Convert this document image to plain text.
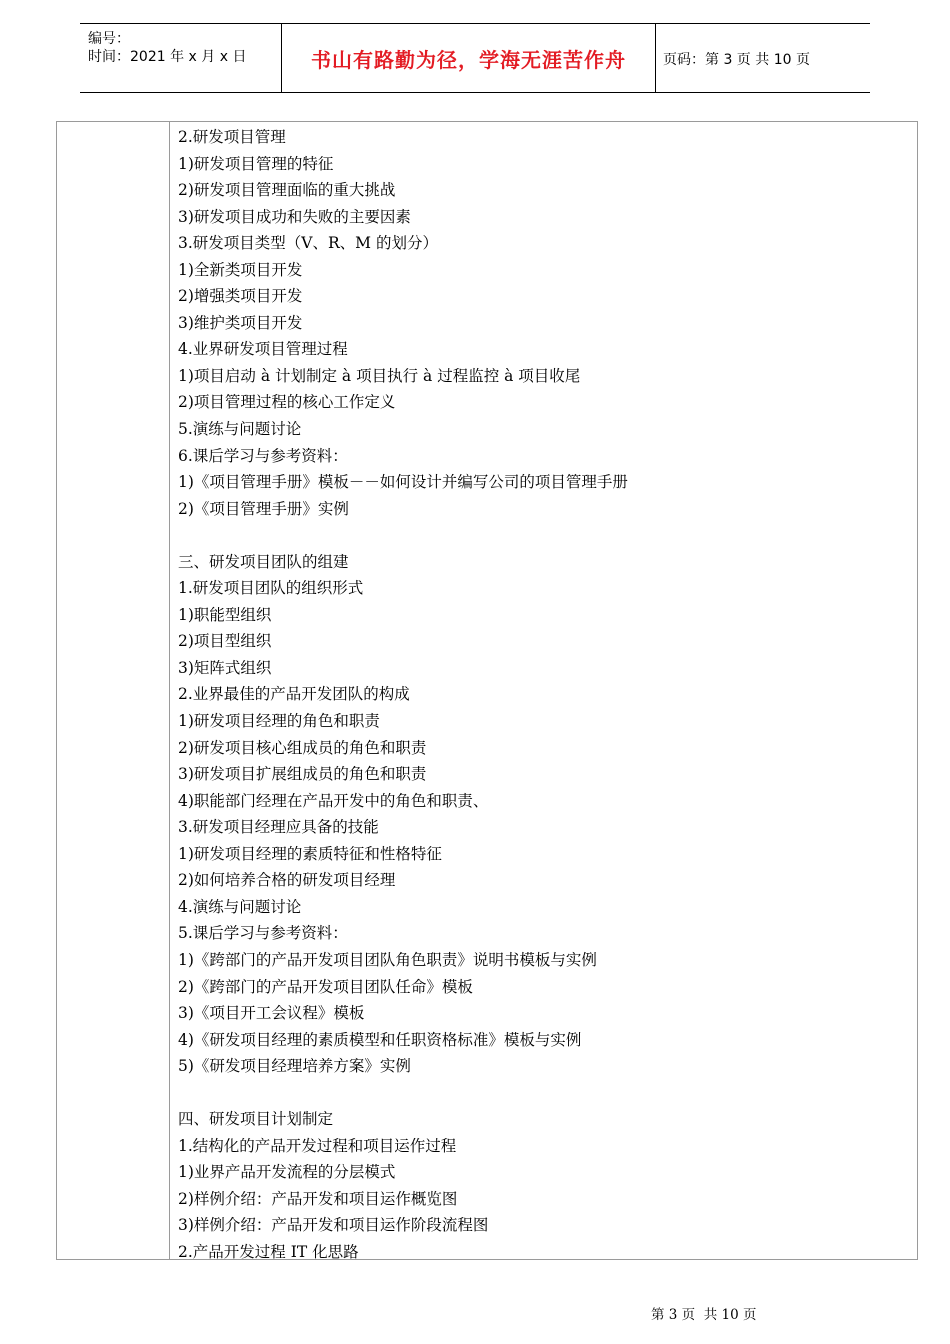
编号：
时间：2021 年 x 月 x 日	书山有路勤为径，学海无涯苦作舟	页码：第 3 页 共 10 页
2.研发项目管理
1)研发项目管理的特征
2)研发项目管理面临的重大挑战
3)研发项目成功和失败的主要因素
3.研发项目类型（V、R、M 的划分）
1)全新类项目开发
2)增强类项目开发
3)维护类项目开发
4.业界研发项目管理过程
1)项目启动 à 计划制定 à 项目执行 à 过程监控 à 项目收尾
2)项目管理过程的核心工作定义
5.演练与问题讨论
6.课后学习与参考资料：
1)《项目管理手册》模板－－如何设计并编写公司的项目管理手册
2)《项目管理手册》实例
三、研发项目团队的组建
1.研发项目团队的组织形式
1)职能型组织
2)项目型组织
3)矩阵式组织
2.业界最佳的产品开发团队的构成
1)研发项目经理的角色和职责
2)研发项目核心组成员的角色和职责
3)研发项目扩展组成员的角色和职责
4)职能部门经理在产品开发中的角色和职责、
3.研发项目经理应具备的技能
1)研发项目经理的素质特征和性格特征
2)如何培养合格的研发项目经理
4.演练与问题讨论
5.课后学习与参考资料：
1)《跨部门的产品开发项目团队角色职责》说明书模板与实例
2)《跨部门的产品开发项目团队任命》模板
3)《项目开工会议程》模板
4)《研发项目经理的素质模型和任职资格标准》模板与实例
5)《研发项目经理培养方案》实例
四、研发项目计划制定
1.结构化的产品开发过程和项目运作过程
1)业界产品开发流程的分层模式
2)样例介绍：产品开发和项目运作概览图
3)样例介绍：产品开发和项目运作阶段流程图
2.产品开发过程 IT 化思路
第 3 页  共 10 页
